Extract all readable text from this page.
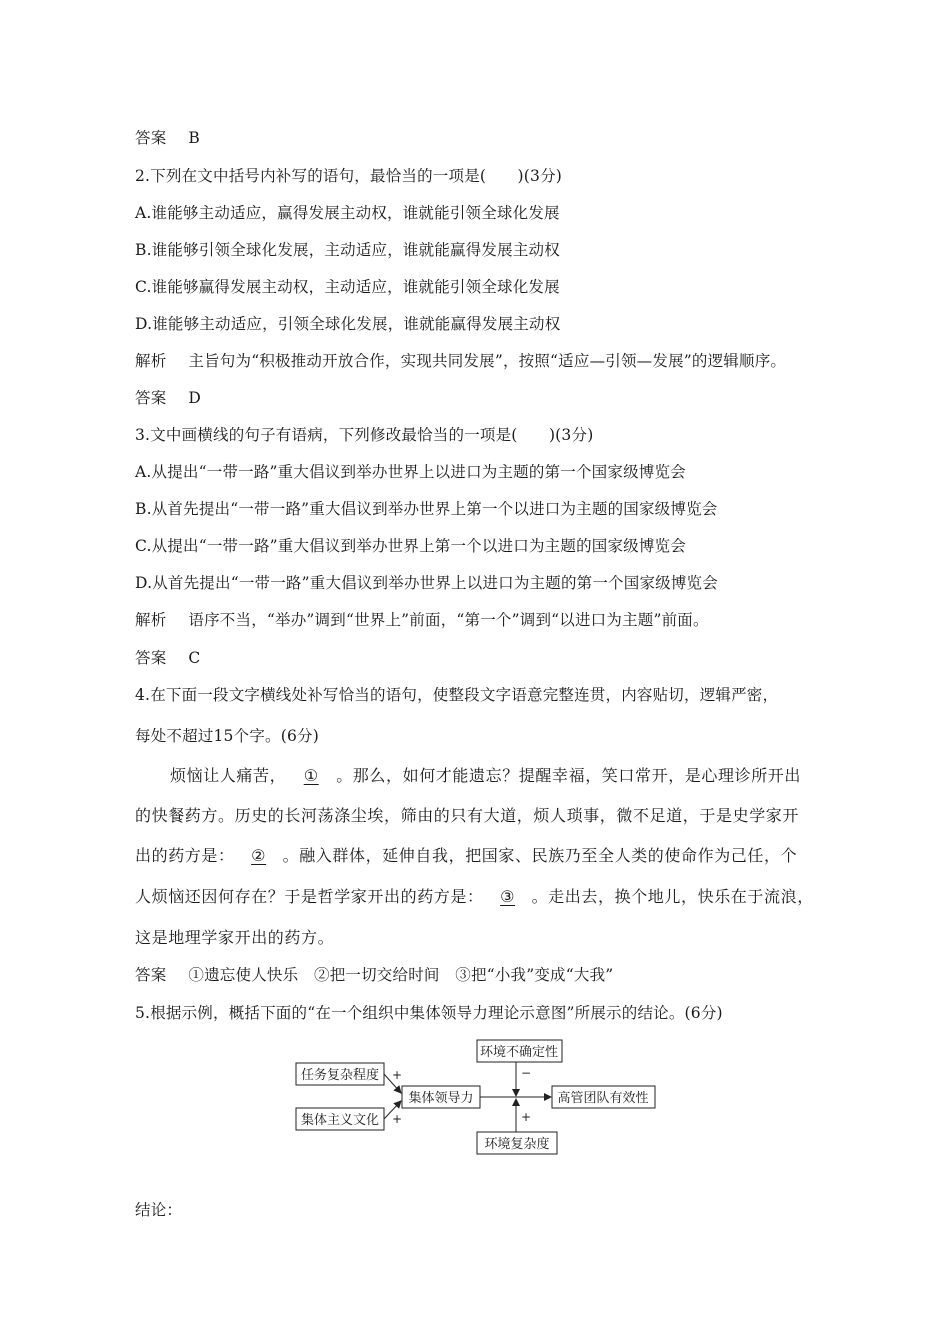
答案 B
2.下列在文中括号内补写的语句，最恰当的一项是(　　)(3分)
A.谁能够主动适应，赢得发展主动权，谁就能引领全球化发展
B.谁能够引领全球化发展，主动适应，谁就能赢得发展主动权
C.谁能够赢得发展主动权，主动适应，谁就能引领全球化发展
D.谁能够主动适应，引领全球化发展，谁就能赢得发展主动权
解析 主旨句为“积极推动开放合作，实现共同发展”，按照“适应—引领—发展”的逻辑顺序。
答案 D
3.文中画横线的句子有语病，下列修改最恰当的一项是(　　)(3分)
A.从提出“一带一路”重大倡议到举办世界上以进口为主题的第一个国家级博览会
B.从首先提出“一带一路”重大倡议到举办世界上第一个以进口为主题的国家级博览会
C.从提出“一带一路”重大倡议到举办世界上第一个以进口为主题的国家级博览会
D.从首先提出“一带一路”重大倡议到举办世界上以进口为主题的第一个国家级博览会
解析 语序不当，“举办”调到“世界上”前面，“第一个”调到“以进口为主题”前面。
答案 C
4.在下面一段文字横线处补写恰当的语句，使整段文字语意完整连贯，内容贴切，逻辑严密，
每处不超过15个字。(6分)
烦恼让人痛苦， ① 。那么，如何才能遗忘？提醒幸福，笑口常开，是心理诊所开出
的快餐药方。历史的长河荡涤尘埃，筛由的只有大道，烦人琐事，微不足道，于是史学家开
出的药方是： ② 。融入群体，延伸自我，把国家、民族乃至全人类的使命作为己任，个
人烦恼还因何存在？于是哲学家开出的药方是： ③ 。走出去，换个地儿，快乐在于流浪，
这是地理学家开出的药方。
答案 ①遗忘使人快乐　②把一切交给时间　③把“小我”变成“大我”
5.根据示例，概括下面的“在一个组织中集体领导力理论示意图”所展示的结论。(6分)
任务复杂程度
集体主义文化
集体领导力
环境不确定性
环境复杂度
高管团队有效性
+
+
−
+
结论：
